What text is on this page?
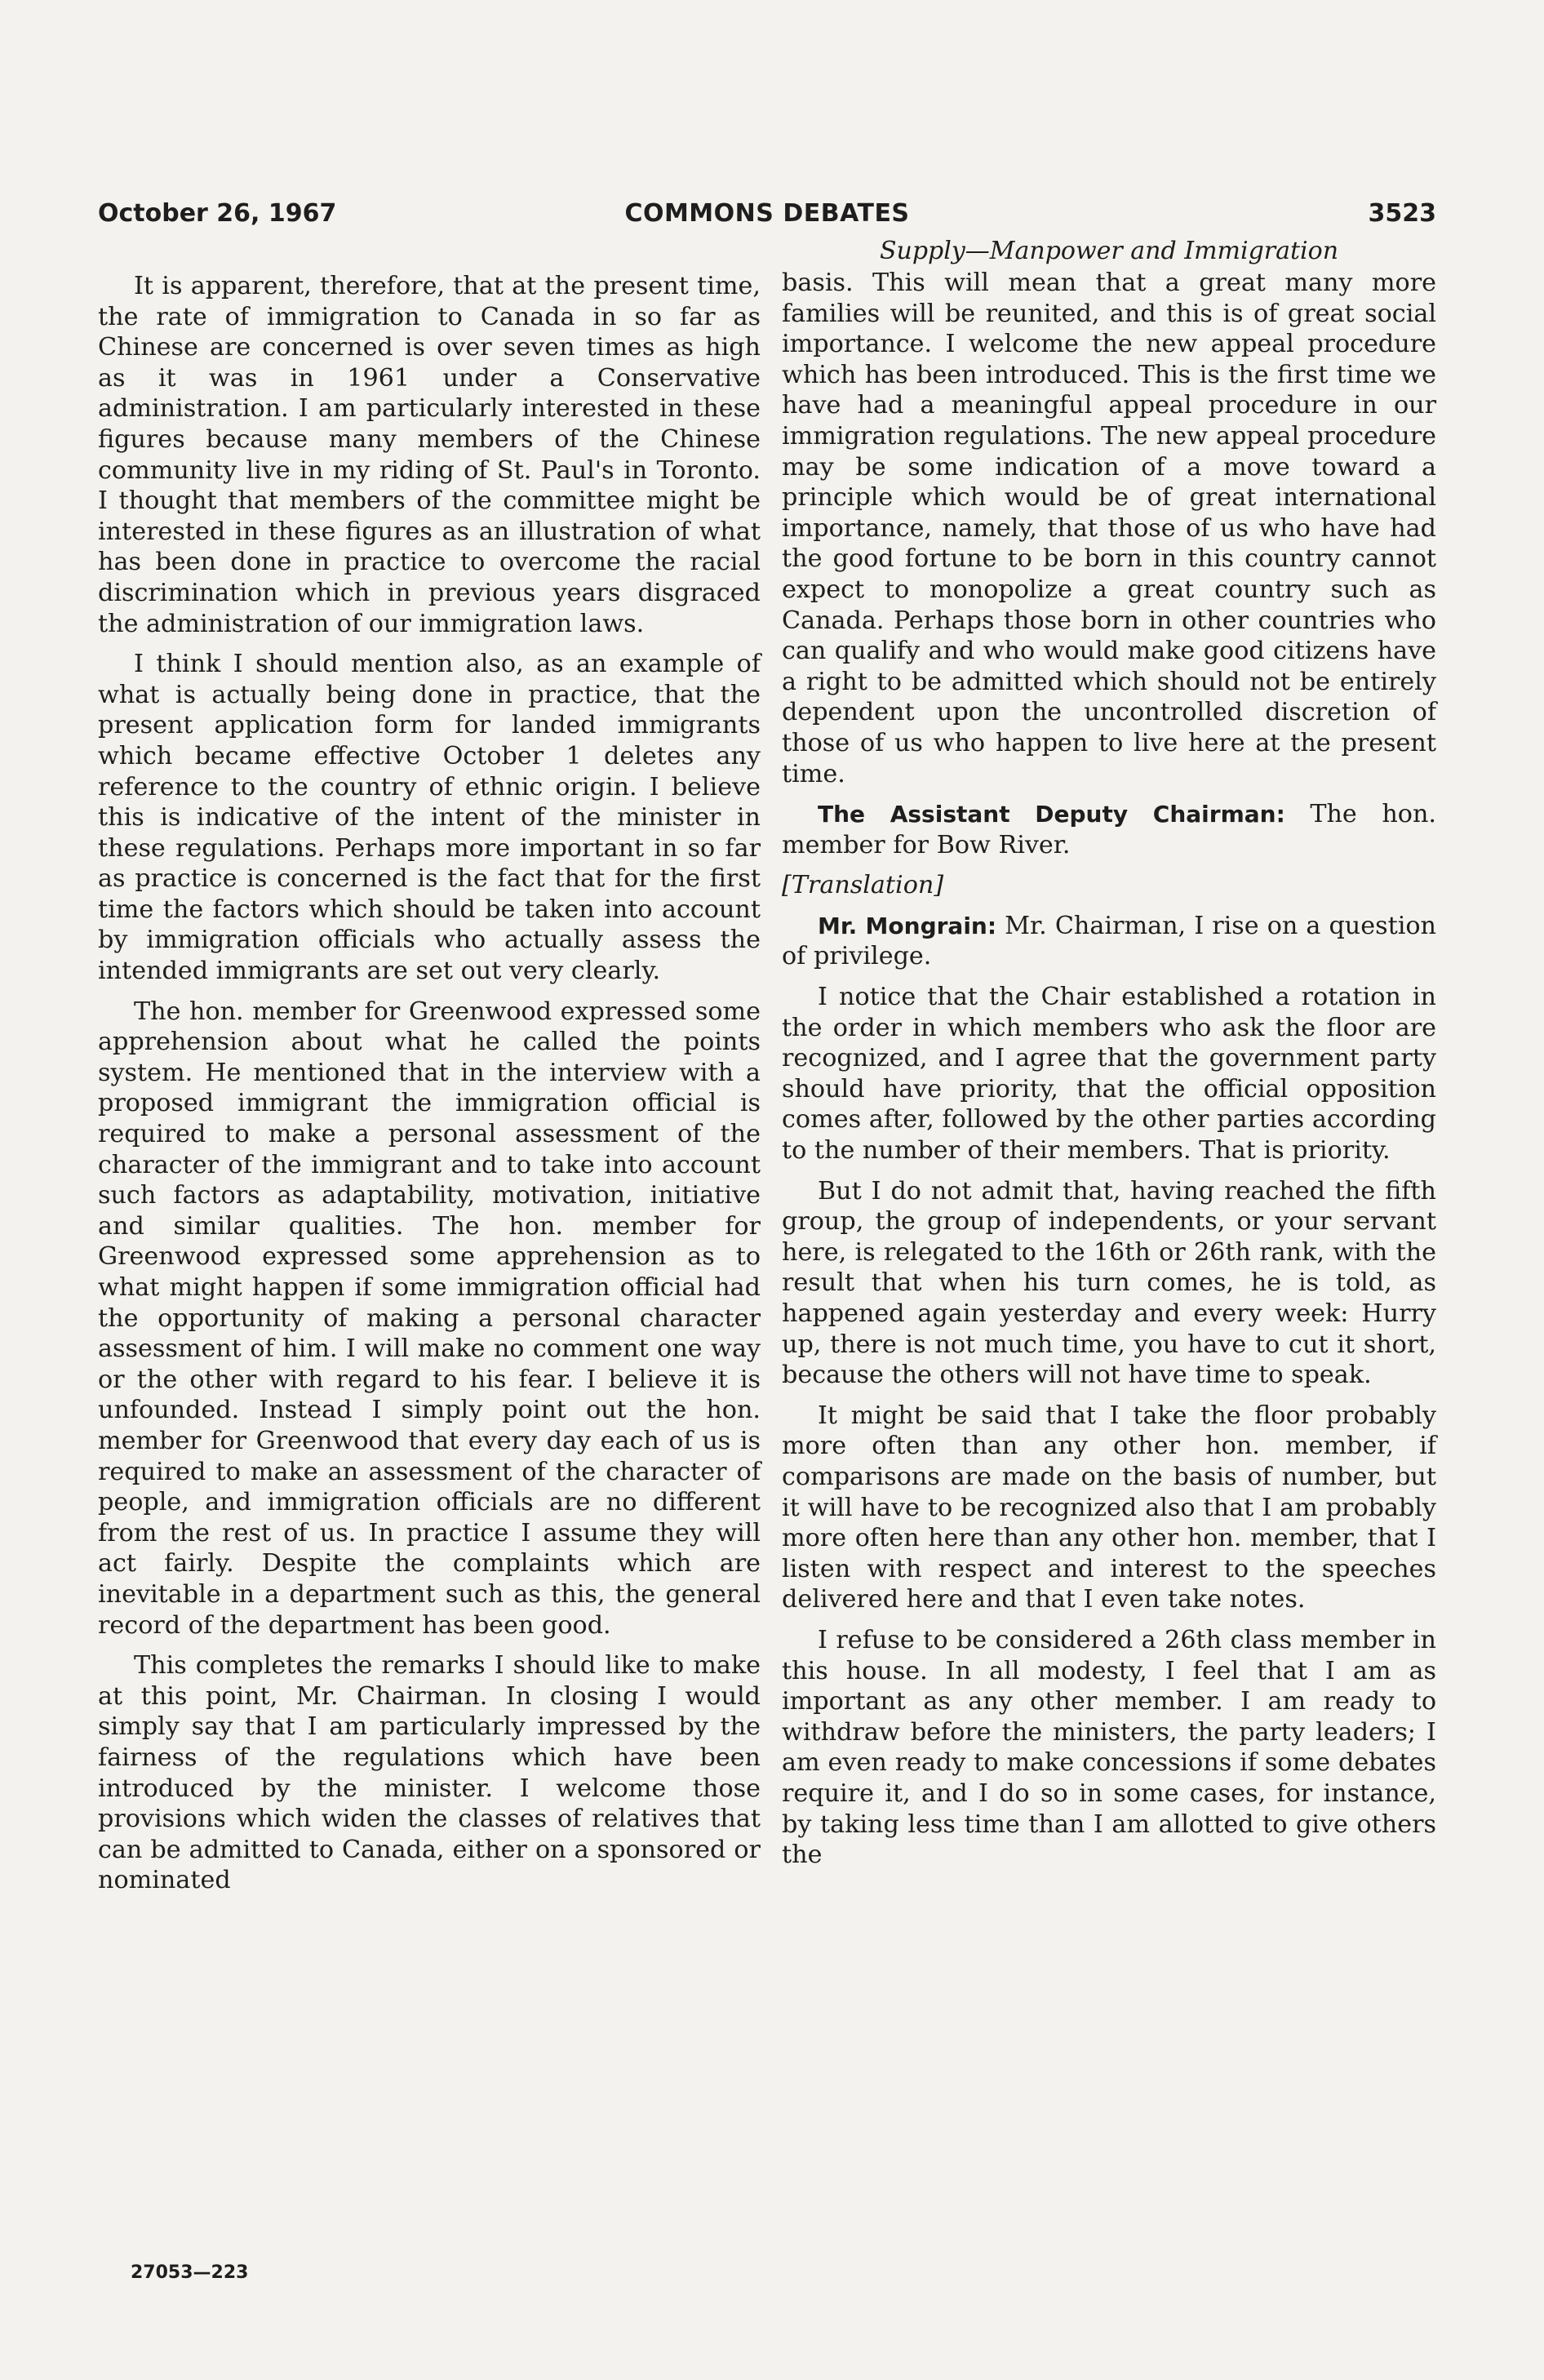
October 26, 1967	COMMONS DEBATES	3523
Supply—Manpower and Immigration

It is apparent, therefore, that at the present time, the rate of immigration to Canada in so far as Chinese are concerned is over seven times as high as it was in 1961 under a Conservative administration. I am particularly interested in these figures because many members of the Chinese community live in my riding of St. Paul's in Toronto. I thought that members of the committee might be interested in these figures as an illustration of what has been done in practice to overcome the racial discrimination which in previous years disgraced the administration of our immigration laws.

I think I should mention also, as an example of what is actually being done in practice, that the present application form for landed immigrants which became effective October 1 deletes any reference to the country of ethnic origin. I believe this is indicative of the intent of the minister in these regulations. Perhaps more important in so far as practice is concerned is the fact that for the first time the factors which should be taken into account by immigration officials who actually assess the intended immigrants are set out very clearly.

The hon. member for Greenwood expressed some apprehension about what he called the points system. He mentioned that in the interview with a proposed immigrant the immigration official is required to make a personal assessment of the character of the immigrant and to take into account such factors as adaptability, motivation, initiative and similar qualities. The hon. member for Greenwood expressed some apprehension as to what might happen if some immigration official had the opportunity of making a personal character assessment of him. I will make no comment one way or the other with regard to his fear. I believe it is unfounded. Instead I simply point out the hon. member for Greenwood that every day each of us is required to make an assessment of the character of people, and immigration officials are no different from the rest of us. In practice I assume they will act fairly. Despite the complaints which are inevitable in a department such as this, the general record of the department has been good.

This completes the remarks I should like to make at this point, Mr. Chairman. In closing I would simply say that I am particularly impressed by the fairness of the regulations which have been introduced by the minister. I welcome those provisions which widen the classes of relatives that can be admitted to Canada, either on a sponsored or nominated

basis. This will mean that a great many more families will be reunited, and this is of great social importance. I welcome the new appeal procedure which has been introduced. This is the first time we have had a meaningful appeal procedure in our immigration regulations. The new appeal procedure may be some indication of a move toward a principle which would be of great international importance, namely, that those of us who have had the good fortune to be born in this country cannot expect to monopolize a great country such as Canada. Perhaps those born in other countries who can qualify and who would make good citizens have a right to be admitted which should not be entirely dependent upon the uncontrolled discretion of those of us who happen to live here at the present time.

The Assistant Deputy Chairman: The hon. member for Bow River.

[Translation]

Mr. Mongrain: Mr. Chairman, I rise on a question of privilege.

I notice that the Chair established a rotation in the order in which members who ask the floor are recognized, and I agree that the government party should have priority, that the official opposition comes after, followed by the other parties according to the number of their members. That is priority.

But I do not admit that, having reached the fifth group, the group of independents, or your servant here, is relegated to the 16th or 26th rank, with the result that when his turn comes, he is told, as happened again yesterday and every week: Hurry up, there is not much time, you have to cut it short, because the others will not have time to speak.

It might be said that I take the floor probably more often than any other hon. member, if comparisons are made on the basis of number, but it will have to be recognized also that I am probably more often here than any other hon. member, that I listen with respect and interest to the speeches delivered here and that I even take notes.

I refuse to be considered a 26th class member in this house. In all modesty, I feel that I am as important as any other member. I am ready to withdraw before the ministers, the party leaders; I am even ready to make concessions if some debates require it, and I do so in some cases, for instance, by taking less time than I am allotted to give others the

27053—223
